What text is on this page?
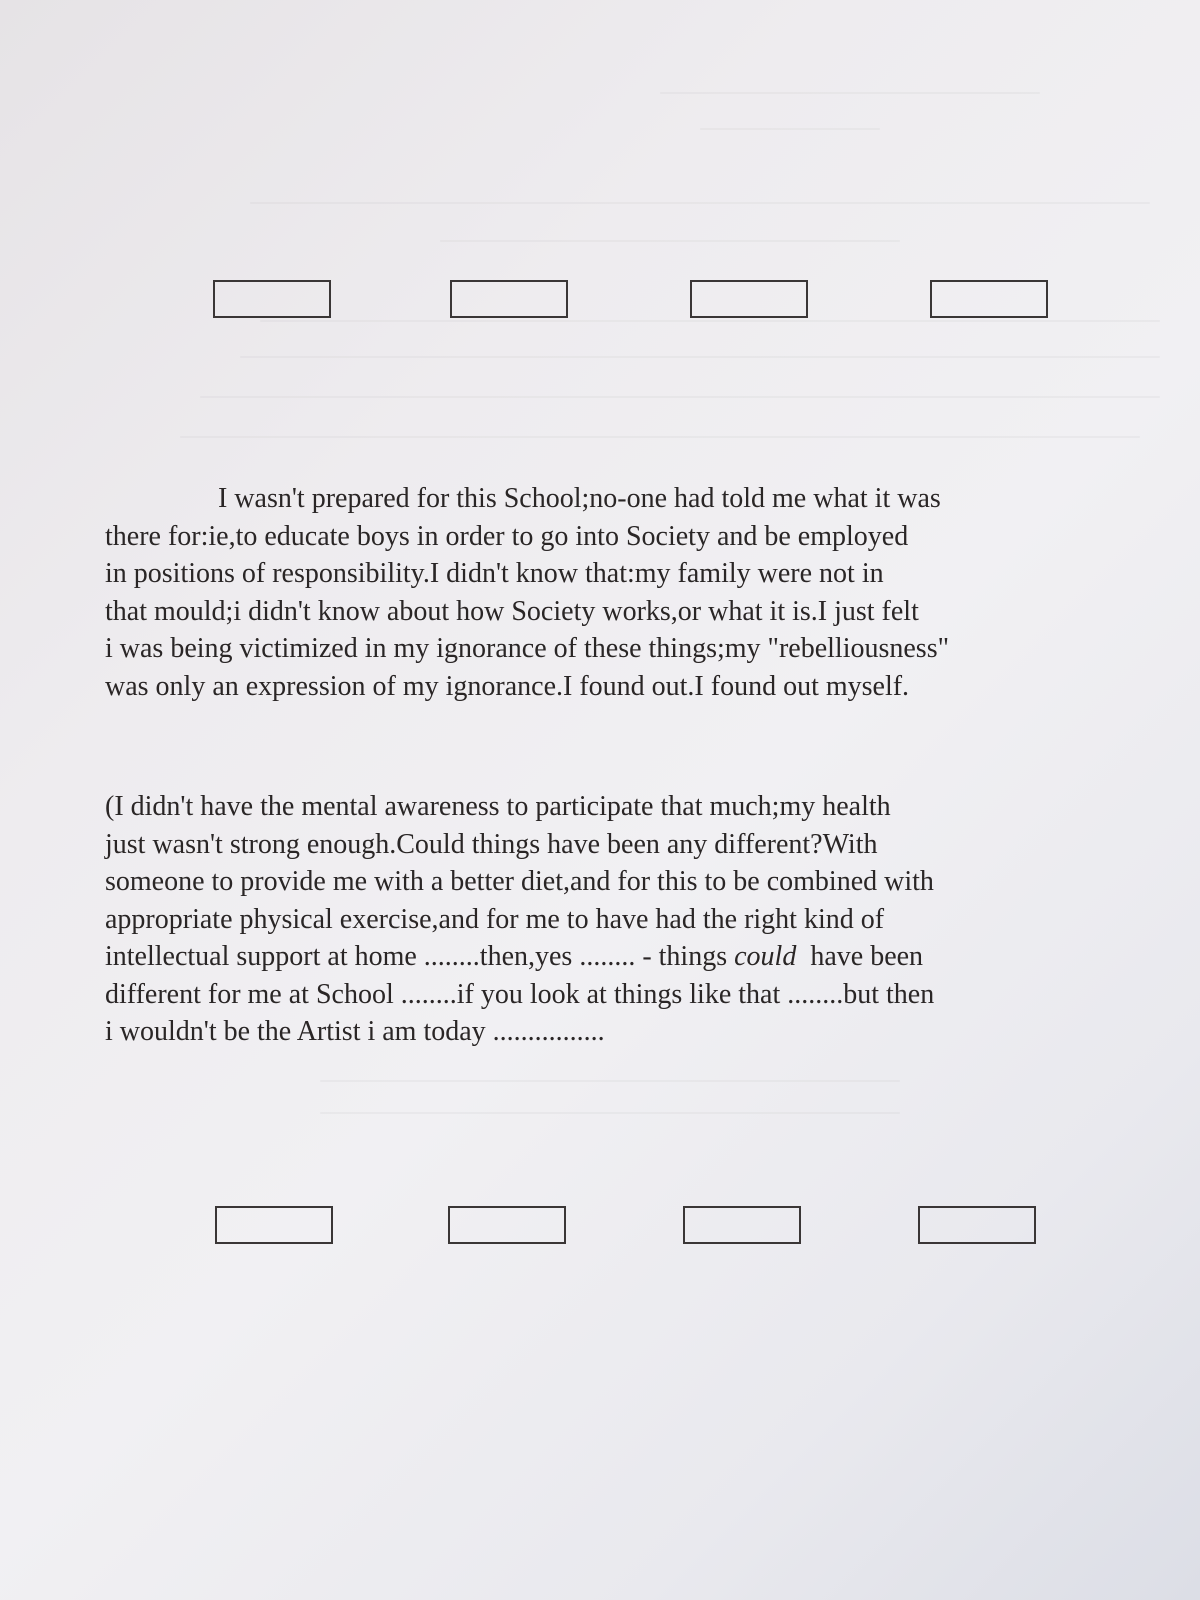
I wasn't prepared for this School;no-one had told me what it was
there for:ie,to educate boys in order to go into Society and be employed
in positions of responsibility.I didn't know that:my family were not in
that mould;i didn't know about how Society works,or what it is.I just felt
i was being victimized in my ignorance of these things;my "rebelliousness"
was only an expression of my ignorance.I found out.I found out myself.
(I didn't have the mental awareness to participate that much;my health
just wasn't strong enough.Could things have been any different?With
someone to provide me with a better diet,and for this to be combined with
appropriate physical exercise,and for me to have had the right kind of
intellectual support at home ........then,yes ........ - things could  have been
different for me at School ........if you look at things like that ........but then
i wouldn't be the Artist i am today ................
